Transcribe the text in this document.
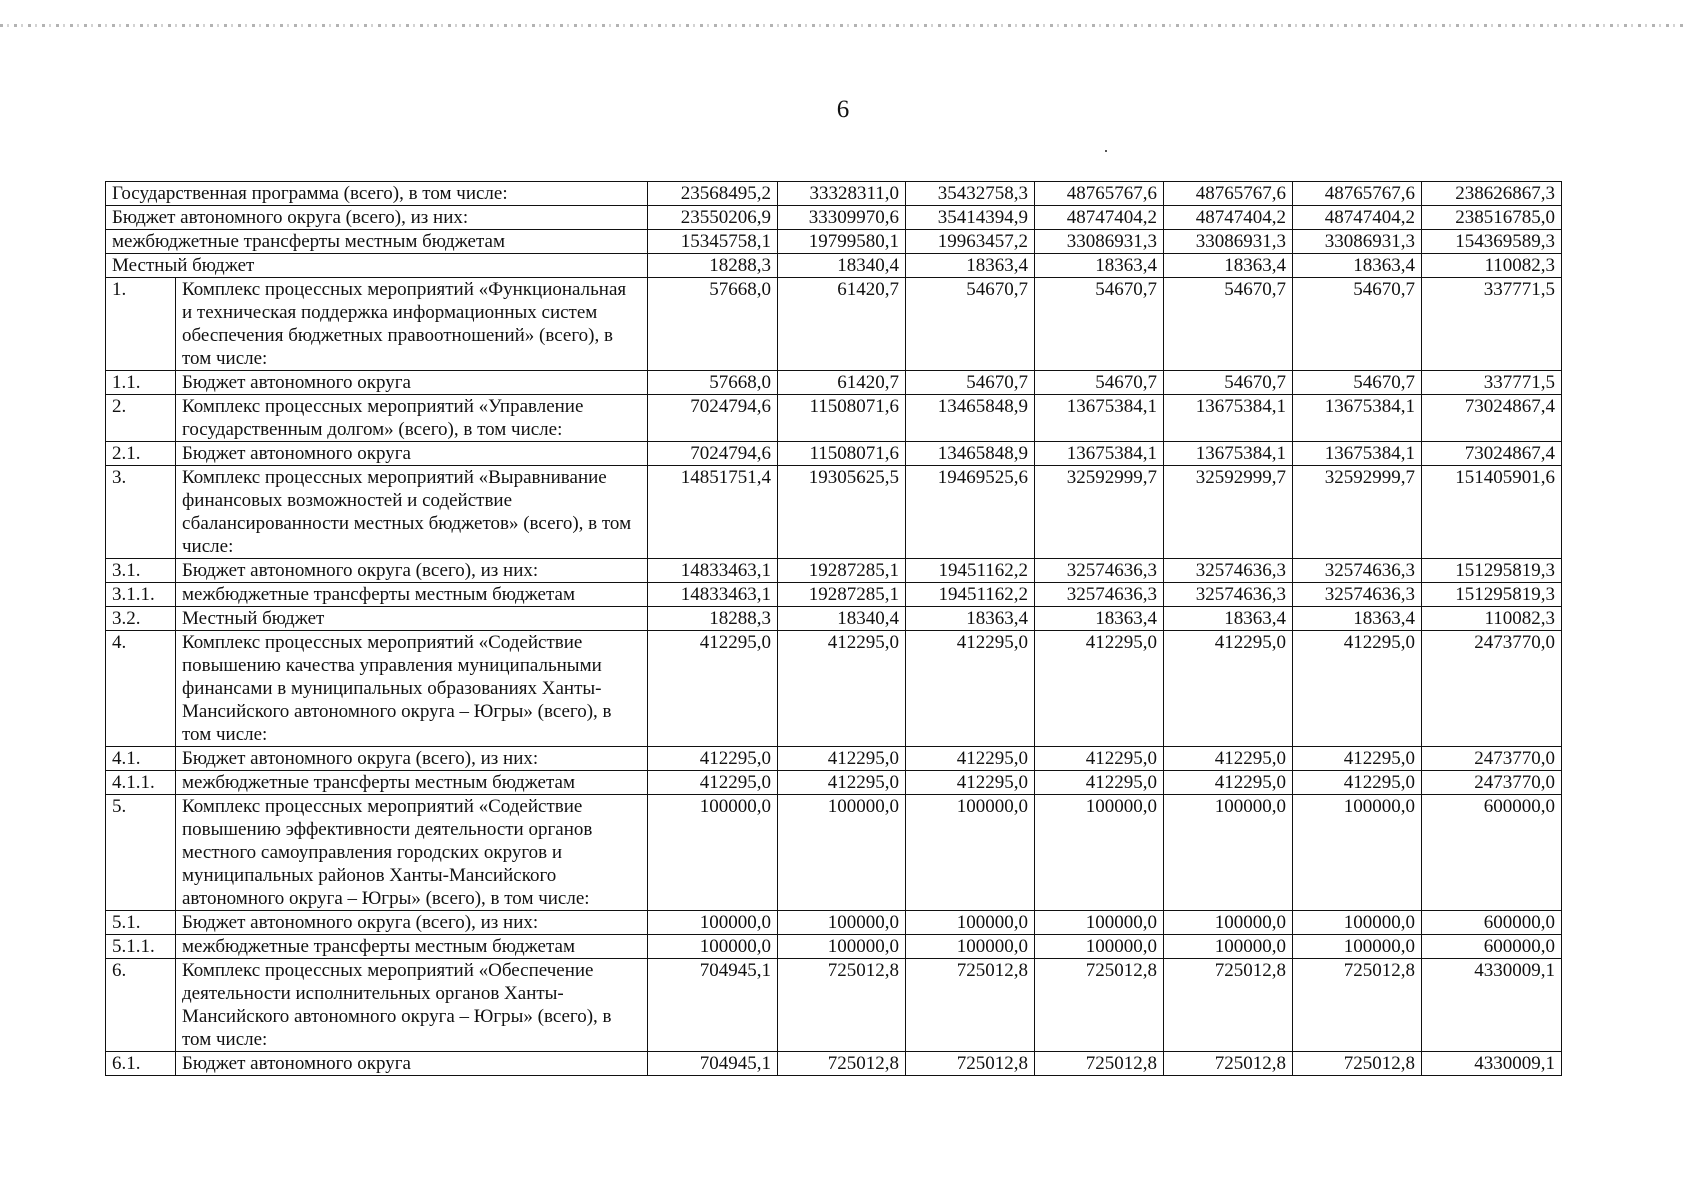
6
Государственная программа (всего), в том числе:		23568495,2	33328311,0	35432758,3	48765767,6	48765767,6	48765767,6	238626867,3
Бюджет автономного округа (всего), из них:		23550206,9	33309970,6	35414394,9	48747404,2	48747404,2	48747404,2	238516785,0
межбюджетные трансферты местным бюджетам		15345758,1	19799580,1	19963457,2	33086931,3	33086931,3	33086931,3	154369589,3
Местный бюджет		18288,3	18340,4	18363,4	18363,4	18363,4	18363,4	110082,3
1.	Комплекс процессных мероприятий «Функциональная и техническая поддержка информационных систем обеспечения бюджетных правоотношений» (всего), в том числе:	57668,0	61420,7	54670,7	54670,7	54670,7	54670,7	337771,5
1.1.	Бюджет автономного округа	57668,0	61420,7	54670,7	54670,7	54670,7	54670,7	337771,5
2.	Комплекс процессных мероприятий «Управление государственным долгом» (всего), в том числе:	7024794,6	11508071,6	13465848,9	13675384,1	13675384,1	13675384,1	73024867,4
2.1.	Бюджет автономного округа	7024794,6	11508071,6	13465848,9	13675384,1	13675384,1	13675384,1	73024867,4
3.	Комплекс процессных мероприятий «Выравнивание финансовых возможностей и содействие сбалансированности местных бюджетов» (всего), в том числе:	14851751,4	19305625,5	19469525,6	32592999,7	32592999,7	32592999,7	151405901,6
3.1.	Бюджет автономного округа (всего), из них:	14833463,1	19287285,1	19451162,2	32574636,3	32574636,3	32574636,3	151295819,3
3.1.1.	межбюджетные трансферты местным бюджетам	14833463,1	19287285,1	19451162,2	32574636,3	32574636,3	32574636,3	151295819,3
3.2.	Местный бюджет	18288,3	18340,4	18363,4	18363,4	18363,4	18363,4	110082,3
4.	Комплекс процессных мероприятий «Содействие повышению качества управления муниципальными финансами в муниципальных образованиях Ханты-Мансийского автономного округа – Югры» (всего), в том числе:	412295,0	412295,0	412295,0	412295,0	412295,0	412295,0	2473770,0
4.1.	Бюджет автономного округа (всего), из них:	412295,0	412295,0	412295,0	412295,0	412295,0	412295,0	2473770,0
4.1.1.	межбюджетные трансферты местным бюджетам	412295,0	412295,0	412295,0	412295,0	412295,0	412295,0	2473770,0
5.	Комплекс процессных мероприятий «Содействие повышению эффективности деятельности органов местного самоуправления городских округов и муниципальных районов Ханты-Мансийского автономного округа – Югры» (всего), в том числе:	100000,0	100000,0	100000,0	100000,0	100000,0	100000,0	600000,0
5.1.	Бюджет автономного округа (всего), из них:	100000,0	100000,0	100000,0	100000,0	100000,0	100000,0	600000,0
5.1.1.	межбюджетные трансферты местным бюджетам	100000,0	100000,0	100000,0	100000,0	100000,0	100000,0	600000,0
6.	Комплекс процессных мероприятий «Обеспечение деятельности исполнительных органов Ханты-Мансийского автономного округа – Югры» (всего), в том числе:	704945,1	725012,8	725012,8	725012,8	725012,8	725012,8	4330009,1
6.1.	Бюджет автономного округа	704945,1	725012,8	725012,8	725012,8	725012,8	725012,8	4330009,1
